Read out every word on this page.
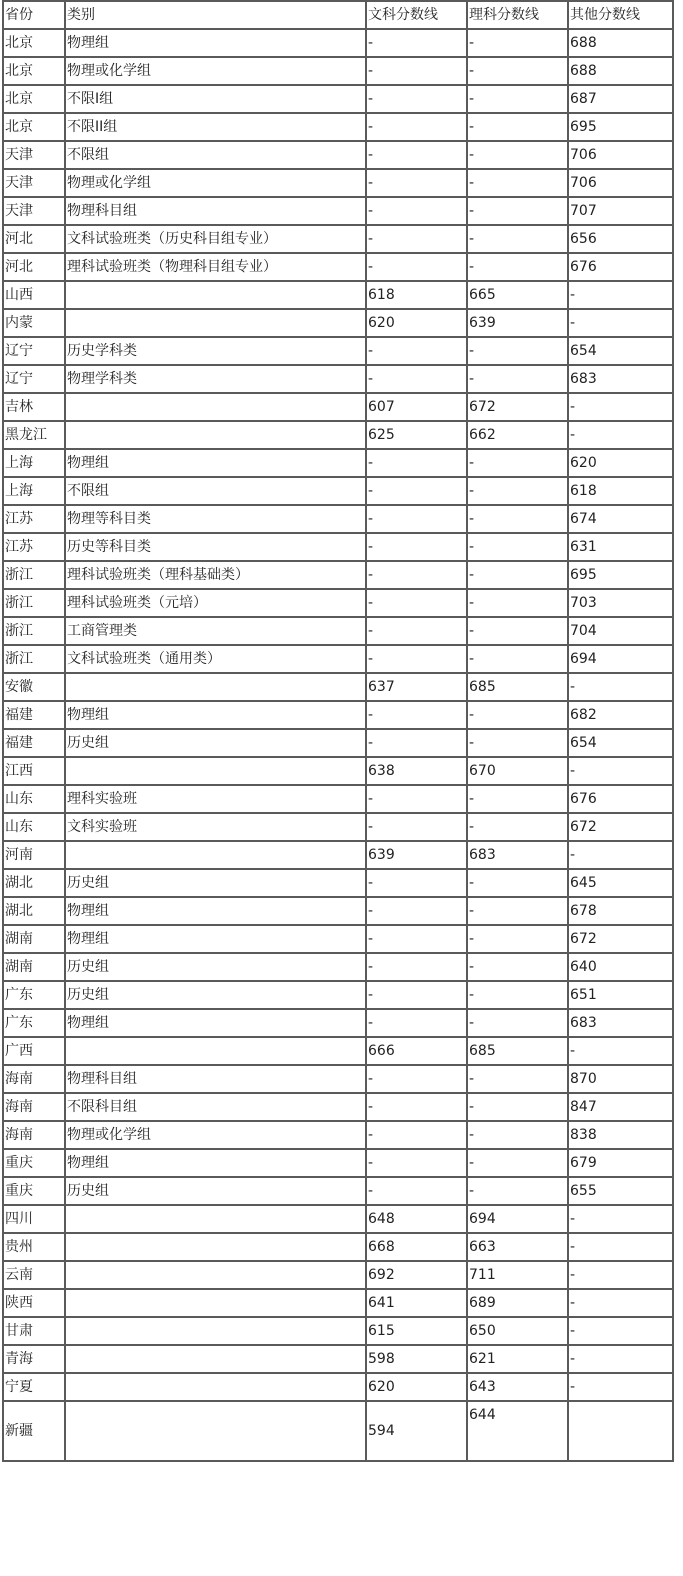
省份	类别	文科分数线	理科分数线	其他分数线
北京	物理组	-	-	688
北京	物理或化学组	-	-	688
北京	不限I组	-	-	687
北京	不限II组	-	-	695
天津	不限组	-	-	706
天津	物理或化学组	-	-	706
天津	物理科目组	-	-	707
河北	文科试验班类（历史科目组专业）	-	-	656
河北	理科试验班类（物理科目组专业）	-	-	676
山西		618	665	-
内蒙		620	639	-
辽宁	历史学科类	-	-	654
辽宁	物理学科类	-	-	683
吉林		607	672	-
黑龙江		625	662	-
上海	物理组	-	-	620
上海	不限组	-	-	618
江苏	物理等科目类	-	-	674
江苏	历史等科目类	-	-	631
浙江	理科试验班类（理科基础类）	-	-	695
浙江	理科试验班类（元培）	-	-	703
浙江	工商管理类	-	-	704
浙江	文科试验班类（通用类）	-	-	694
安徽		637	685	-
福建	物理组	-	-	682
福建	历史组	-	-	654
江西		638	670	-
山东	理科实验班	-	-	676
山东	文科实验班	-	-	672
河南		639	683	-
湖北	历史组	-	-	645
湖北	物理组	-	-	678
湖南	物理组	-	-	672
湖南	历史组	-	-	640
广东	历史组	-	-	651
广东	物理组	-	-	683
广西		666	685	-
海南	物理科目组	-	-	870
海南	不限科目组	-	-	847
海南	物理或化学组	-	-	838
重庆	物理组	-	-	679
重庆	历史组	-	-	655
四川		648	694	-
贵州		668	663	-
云南		692	711	-
陕西		641	689	-
甘肃		615	650	-
青海		598	621	-
宁夏		620	643	-
新疆		594	644	
